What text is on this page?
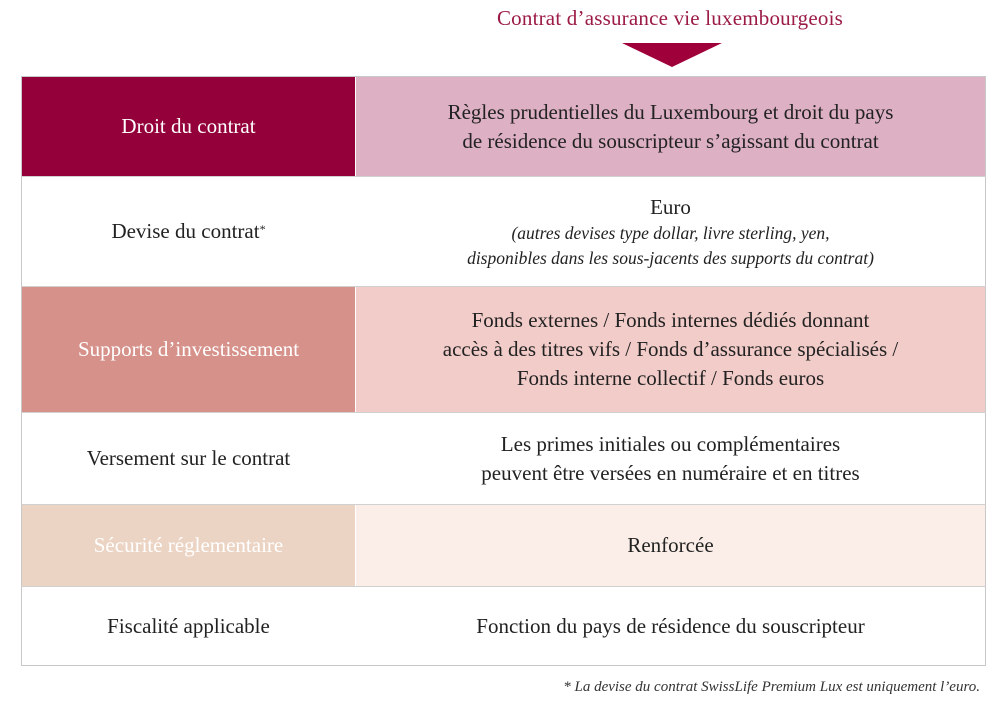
Contrat d’assurance vie luxembourgeois
Droit du contrat
Règles prudentielles du Luxembourg et droit du pays
de résidence du souscripteur s’agissant du contrat
Devise du contrat*
Euro
(autres devises type dollar, livre sterling, yen,
disponibles dans les sous-jacents des supports du contrat)
Supports d’investissement
Fonds externes / Fonds internes dédiés donnant
accès à des titres vifs / Fonds d’assurance spécialisés /
Fonds interne collectif / Fonds euros
Versement sur le contrat
Les primes initiales ou complémentaires
peuvent être versées en numéraire et en titres
Sécurité réglementaire	Renforcée
Fiscalité applicable	Fonction du pays de résidence du souscripteur
* La devise du contrat SwissLife Premium Lux est uniquement l’euro.
